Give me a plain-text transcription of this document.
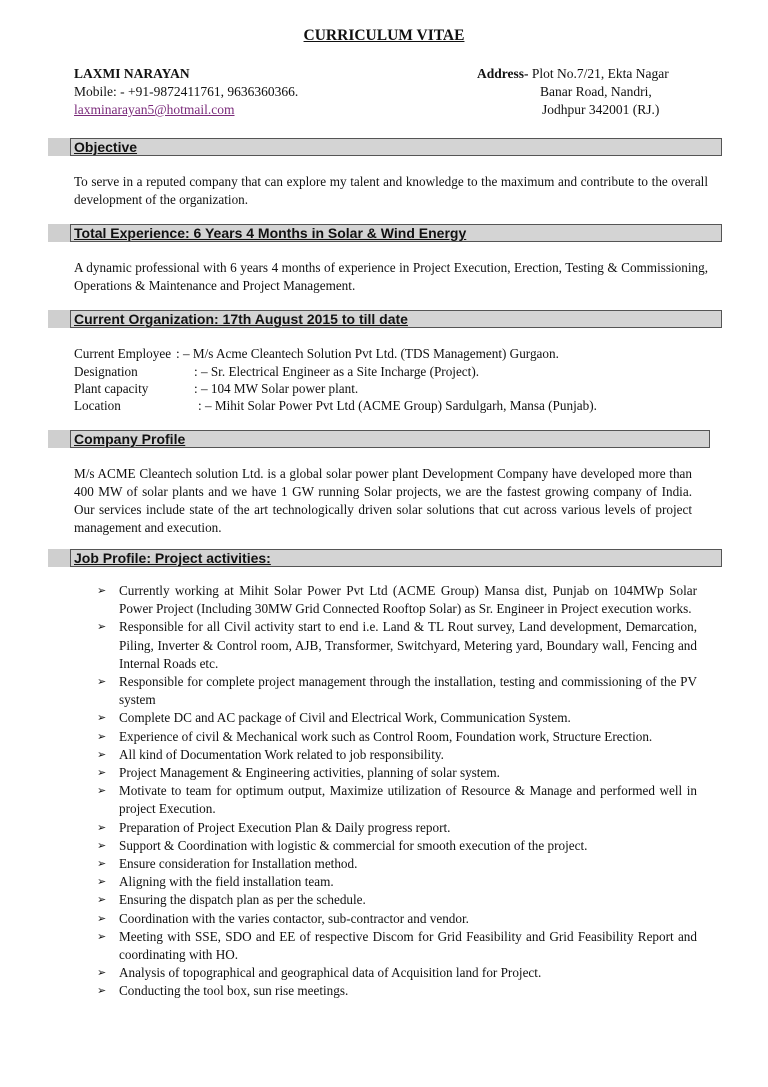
CURRICULUM VITAE
LAXMI NARAYAN
Mobile: - +91-9872411761, 9636360366.
laxminarayan5@hotmail.com
Address- Plot No.7/21, Ekta Nagar
Banar Road, Nandri,
Jodhpur 342001 (RJ.)
Objective
To serve in a reputed company that can explore my talent and knowledge to the maximum and contribute to the overall development of the organization.
Total Experience: 6 Years 4 Months in Solar & Wind Energy
A dynamic professional with 6 years 4 months of experience in Project Execution, Erection, Testing & Commissioning, Operations & Maintenance and Project Management.
Current Organization: 17th August 2015 to till date
Current Employee : – M/s Acme Cleantech Solution Pvt Ltd. (TDS Management) Gurgaon.
Designation	: – Sr. Electrical Engineer as a Site Incharge (Project).
Plant capacity	: – 104 MW Solar power plant.
Location	: – Mihit Solar Power Pvt Ltd (ACME Group) Sardulgarh, Mansa (Punjab).
Company Profile
M/s ACME Cleantech solution Ltd. is a global solar power plant Development Company have developed more than 400 MW of solar plants and we have 1 GW running Solar projects, we are the fastest growing company of India. Our services include state of the art technologically driven solar solutions that cut across various levels of project management and execution.
Job Profile: Project activities:
➢ Currently working at Mihit Solar Power Pvt Ltd (ACME Group) Mansa dist, Punjab on 104MWp Solar Power Project (Including 30MW Grid Connected Rooftop Solar) as Sr. Engineer in Project execution works.
➢ Responsible for all Civil activity start to end i.e. Land & TL Rout survey, Land development, Demarcation, Piling, Inverter & Control room, AJB, Transformer, Switchyard, Metering yard, Boundary wall, Fencing and Internal Roads etc.
➢ Responsible for complete project management through the installation, testing and commissioning of the PV system
➢ Complete DC and AC package of Civil and Electrical Work, Communication System.
➢ Experience of civil & Mechanical work such as Control Room, Foundation work, Structure Erection.
➢ All kind of Documentation Work related to job responsibility.
➢ Project Management & Engineering activities, planning of solar system.
➢ Motivate to team for optimum output, Maximize utilization of Resource & Manage and performed well in project Execution.
➢ Preparation of Project Execution Plan & Daily progress report.
➢ Support & Coordination with logistic & commercial for smooth execution of the project.
➢ Ensure consideration for Installation method.
➢ Aligning with the field installation team.
➢ Ensuring the dispatch plan as per the schedule.
➢ Coordination with the varies contactor, sub-contractor and vendor.
➢ Meeting with SSE, SDO and EE of respective Discom for Grid Feasibility and Grid Feasibility Report and coordinating with HO.
➢ Analysis of topographical and geographical data of Acquisition land for Project.
➢ Conducting the tool box, sun rise meetings.
